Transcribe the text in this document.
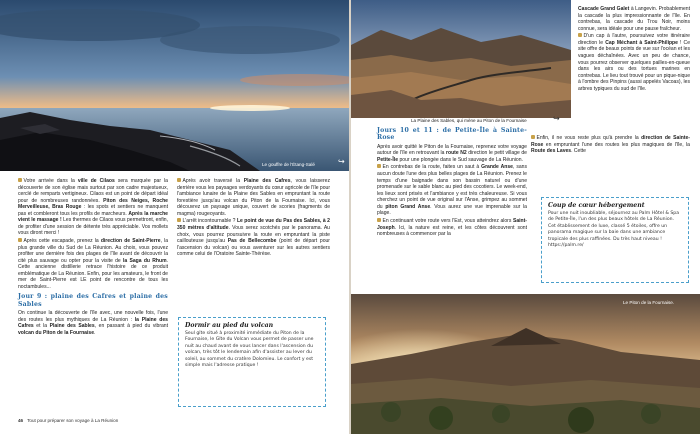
Le gouffre de l'Étang-Salé	↪

Votre arrivée dans la ville de Cilaos sera marquée par la découverte de son église mais surtout par son cadre majestueux, cerclé de remparts vertigineux. Cilaos est un point de départ idéal pour de nombreuses randonnées. Piton des Neiges, Roche Merveilleuse, Bras Rouge : les spots et sentiers ne manquent pas et combleront tous les profils de marcheurs. Après la marche vient le massage ! Les thermes de Cilaos vous permettront, enfin, de profiter d'une session de détente très appréciable. Vos mollets vous diront merci !

Après cette escapade, prenez la direction de Saint-Pierre, la plus grande ville du Sud de La Réunion. Au choix, vous pouvez profiter une dernière fois des plages de l'île avant de découvrir la cité plus sauvage ou opter pour la visite de la Saga du Rhum. Cette ancienne distillerie retrace l'histoire de ce produit emblématique de La Réunion. Enfin, pour les amateurs, le front de mer de Saint-Pierre est LE point de rencontre de tous les noctambules...

Jour 9 : plaine des Cafres et plaine des Sables

On continue la découverte de l'île avec, une nouvelle fois, l'une des routes les plus mythiques de La Réunion : la Plaine des Cafres et la Plaine des Sables, en passant à pied du vibrant volcan du Piton de la Fournaise.

Après avoir traversé la Plaine des Cafres, vous laisserez derrière vous les paysages verdoyants du cœur agricole de l'île pour l'ambiance lunaire de la Plaine des Sables en empruntant la route forestière jusqu'au volcan du Piton de la Fournaise. Ici, vous découvrez un paysage unique, couvert de scories (fragments de magma) rougeoyants.

L'arrêt incontournable ? Le point de vue du Pas des Sables, à 2 350 mètres d'altitude. Vous serez scotchés par le panorama. Au choix, vous pourrez poursuivre la route en empruntant la piste caillouteuse jusqu'au Pas de Bellecombe (point de départ pour l'ascension du volcan) ou vous aventurer sur les autres sentiers comme celui de l'Oratoire Sainte-Thérèse.

Dormir au pied du volcan
Seul gîte situé à proximité immédiate du Piton de la Fournaise, le Gîte du Volcan vous permet de passer une nuit au chaud avant de vous lancer dans l'ascension du volcan, très tôt le lendemain afin d'assister au lever du soleil, au sommet du cratère Dolomieu. Le confort y est simple mais l'adresse pratique !
46 Tout pour préparer son voyage à La Réunion
La Plaine des Sables, qui mène au Piton de la Fournaise	↪

Cascade Grand Galet à Langevin. Probablement la cascade la plus impressionnante de l'île. En contrebas, la cascade du Trou Noir, moins connue, sera idéale pour une pause fraîcheur.

D'un cap à l'autre, poursuivez votre itinéraire direction le Cap Méchant à Saint-Philippe ! Ce site offre de beaux points de vue sur l'océan et les vagues déchaînées. Avec un peu de chance, vous pourrez observer quelques pailles-en-queue dans les airs ou des tortues marines en contrebas. Le lieu tout trouvé pour un pique-nique à l'ombre des Pinpins (aussi appelés Vacoas), les arbres typiques du sud de l'île.

Enfin, il ne vous reste plus qu'à prendre la direction de Sainte-Rose en empruntant l'une des routes les plus magiques de l'île, la Route des Laves. Cette

Jours 10 et 11 : de Petite-Île à Sainte-Rose

Après avoir quitté le Piton de la Fournaise, reprenez votre voyage autour de l'île en retrouvant la route N2 direction le petit village de Petite-Île pour une plongée dans le Sud sauvage de La Réunion.

En contrebas de la route, faites un saut à Grande Anse, sans aucun doute l'une des plus belles plages de La Réunion. Prenez le temps d'une baignade dans son bassin naturel ou d'une promenade sur le sable blanc au pied des cocotiers. Le week-end, les lieux sont prisés et l'ambiance y est très chaleureuse. Si vous cherchez un point de vue original sur l'Anse, grimpez au sommet du piton Grand Anse. Vous aurez une vue imprenable sur la plage.

En continuant votre route vers l'Est, vous atteindrez alors Saint-Joseph. Ici, la nature est reine, et les côtes découvrent sont nombreuses à commencer par la

Coup de cœur hébergement
Pour une nuit inoubliable, séjournez au Palm Hôtel & Spa de Petite-Île, l'un des plus beaux hôtels de La Réunion. Cet établissement de luxe, classé 5 étoiles, offre un panorama magique sur la baie dans une ambiance tropicale des plus raffinées. Du très haut niveau ! https://palm.re/
Le Piton de la Fournaise.
